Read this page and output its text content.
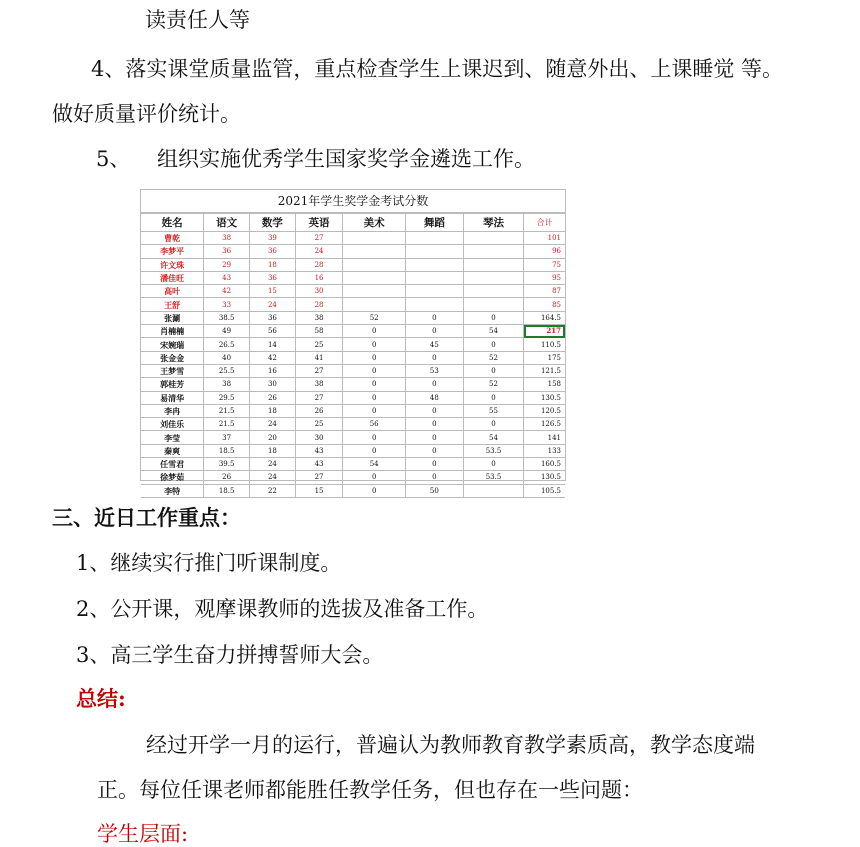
读责任人等
4、落实课堂质量监管，重点检查学生上课迟到、随意外出、上课睡觉 等。
做好质量评价统计。
5、    组织实施优秀学生国家奖学金遴选工作。
2021年学生奖学金考试分数
姓名	语文	数学	英语	美术	舞蹈	琴法	合计
曹乾	38	39	27				101
李梦平	36	36	24				96
许文珠	29	18	28				75
潘佳旺	43	36	16				95
高叶	42	15	30				87
王舒	33	24	28				85
张涮	38.5	36	38	52	0	0	164.5
肖楠楠	49	56	58	0	0	54	217
宋婉瑞	26.5	14	25	0	45	0	110.5
张金金	40	42	41	0	0	52	175
王梦雪	25.5	16	27	0	53	0	121.5
郭桂芳	38	30	38	0	0	52	158
易清华	29.5	26	27	0	48	0	130.5
李冉	21.5	18	26	0	0	55	120.5
刘佳乐	21.5	24	25	56	0	0	126.5
李莹	37	20	30	0	0	54	141
秦爽	18.5	18	43	0	0	53.5	133
任雪君	39.5	24	43	54	0	0	160.5
徐梦茹	26	24	27	0	0	53.5	130.5
李特	18.5	22	15	0	50		105.5
三、近日工作重点：
1、继续实行推门听课制度。
2、公开课，观摩课教师的选拔及准备工作。
3、高三学生奋力拼搏誓师大会。
总结:
经过开学一月的运行，普遍认为教师教育教学素质高，教学态度端
正。每位任课老师都能胜任教学任务，但也存在一些问题：
学生层面:
